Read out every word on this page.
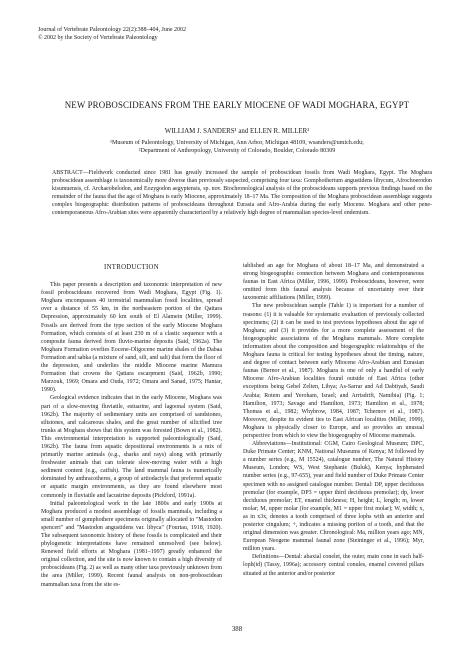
Journal of Vertebrate Paleontology 22(2):388–404, June 2002
© 2002 by the Society of Vertebrate Paleontology
NEW PROBOSCIDEANS FROM THE EARLY MIOCENE OF WADI MOGHARA, EGYPT
WILLIAM J. SANDERS¹ and ELLEN R. MILLER²
¹Museum of Paleontology, University of Michigan, Ann Arbor, Michigan 48109, wsanders@umich.edu;
²Department of Anthropology, University of Colorado, Boulder, Colorado 80309
ABSTRACT—Fieldwork conducted since 1981 has greatly increased the sample of proboscidean fossils from Wadi Moghara, Egypt. The Moghara proboscidean assemblage is taxonomically more diverse than previously suspected, comprising four taxa: Gomphotherium angustidens libycum, Afrochoerodon kisumuensis, cf. Archaeobelodon, and Eozygodon aegyptensis, sp. nov. Biochronological analysis of the proboscideans supports previous findings based on the remainder of the fauna that the age of Moghara is early Miocene, approximately 18–17 Ma. The composition of the Moghara proboscidean assemblage suggests complex biogeographic distribution patterns of proboscideans throughout Eurasia and Afro-Arabia during the early Miocene. Moghara and other pene-contemporaneous Afro-Arabian sites were apparently characterized by a relatively high degree of mammalian species-level endemism.

INTRODUCTION

This paper presents a description and taxonomic interpretation of new fossil proboscideans recovered from Wadi Moghara, Egypt (Fig. 1). Moghara encompasses 40 terrestrial mammalian fossil localities, spread over a distance of 55 km, in the northeastern portion of the Qattara Depression, approximately 60 km south of El Alamein (Miller, 1999). Fossils are derived from the type section of the early Miocene Moghara Formation, which consists of at least 230 m of a clastic sequence with a composite fauna derived from fluvio-marine deposits (Said, 1962a). The Moghara Formation overlies Eocene-Oligocene marine shales of the Dabaa Formation and sabka (a mixture of sand, silt, and salt) that form the floor of the depression, and underlies the middle Miocene marine Mamura Formation that crowns the Qattara escarpment (Said, 1962b, 1990; Marzouk, 1969; Omara and Ouda, 1972; Omara and Sanad, 1975; Hantar, 1990).

Geological evidence indicates that in the early Miocene, Moghara was part of a slow-moving fluviatile, estuarine, and lagoonal system (Said, 1962b). The majority of sedimentary units are comprised of sandstones, siltstones, and calcareous shales, and the great number of silicified tree trunks at Moghara shows that this system was forested (Bown et al., 1982). This environmental interpretation is supported paleontologically (Said, 1962b). The fauna from aquatic depositional environments is a mix of primarily marine animals (e.g., sharks and rays) along with primarily freshwater animals that can tolerate slow-moving water with a high sediment content (e.g., catfish). The land mammal fauna is numerically dominated by anthracotheres, a group of artiodactyls that preferred aquatic or aquatic margin environments, as they are found elsewhere most commonly in fluviatile and lacustrine deposits (Pickford, 1991a).

Initial paleontological work in the late 1800s and early 1900s at Moghara produced a modest assemblage of fossils mammals, including a small number of gomphothere specimens originally allocated to "Mastodon spenceri" and "Mastodon angustidens var. libyca" (Fourtau, 1918, 1920). The subsequent taxonomic history of these fossils is complicated and their phylogenetic interpretations have remained unresolved (see below). Renewed field efforts at Moghara (1981–1997) greatly enhanced the original collection, and the site is now known to contain a high diversity of proboscideans (Fig. 2) as well as many other taxa previously unknown from the area (Miller, 1999). Recent faunal analysis on non-proboscidean mammalian taxa from the site es-

tablished an age for Moghara of about 18–17 Ma, and demonstrated a strong biogeographic connection between Moghara and contemporaneous faunas in East Africa (Miller, 1996, 1999). Proboscideans, however, were omitted from this faunal analysis because of uncertainty over their taxonomic affiliations (Miller, 1999).

The new proboscidean sample (Table 1) is important for a number of reasons: (1) it is valuable for systematic evaluation of previously collected specimens; (2) it can be used to test previous hypotheses about the age of Moghara; and (3) it provides for a more complete assessment of the biogeographic associations of the Moghara mammals. More complete information about the composition and biogeographic relationships of the Moghara fauna is critical for testing hypotheses about the timing, nature, and degree of contact between early Miocene Afro-Arabian and Eurasian faunas (Bernor et al., 1987). Moghara is one of only a handful of early Miocene Afro-Arabian localities found outside of East Africa (other exceptions being Gebel Zelten, Libya; As-Sarrar and Ad Dabtiyah, Saudi Arabia; Rotem and Yeroham, Israel; and Arrisdrift, Namibia) (Fig. 1; Hamilton, 1973; Savage and Hamilton, 1973; Hamilton et al., 1978; Thomas et al., 1982; Whybrow, 1984, 1987; Tchernov et al., 1987). Moreover, despite its evident ties to East African localities (Miller, 1999), Moghara is physically closer to Europe, and so provides an unusual perspective from which to view the biogeography of Miocene mammals.

Abbreviations—Institutional: CGM, Cairo Geological Museum; DPC, Duke Primate Center; KNM, National Museums of Kenya; M followed by a number series (e.g., M 15524), catalogue number, The Natural History Museum, London; WS, West Stephanie (Buluk), Kenya; hyphenated number series (e.g., 97-655), year and field number of Duke Primate Center specimen with no assigned catalogue number. Dental: DP, upper deciduous premolar (for example, DP3 = upper third deciduous premolar); dp, lower deciduous premolar; ET, enamel thickness; H, height; L, length; m, lower molar; M, upper molar (for example, M1 = upper first molar); W, width; x, as in x3x, denotes a tooth comprised of three lophs with an anterior and posterior cingulum; +, indicates a missing portion of a tooth, and that the original dimension was greater. Chronological: Ma, million years ago; MN, European Neogene mammal faunal zone (Steininger et al., 1996); Myr, million years.

Definitions—Dental: abaxial conelet, the outer, main cone in each half-loph(id) (Tassy, 1996a); accessory central conules, enamel covered pillars situated at the anterior and/or posterior

388
